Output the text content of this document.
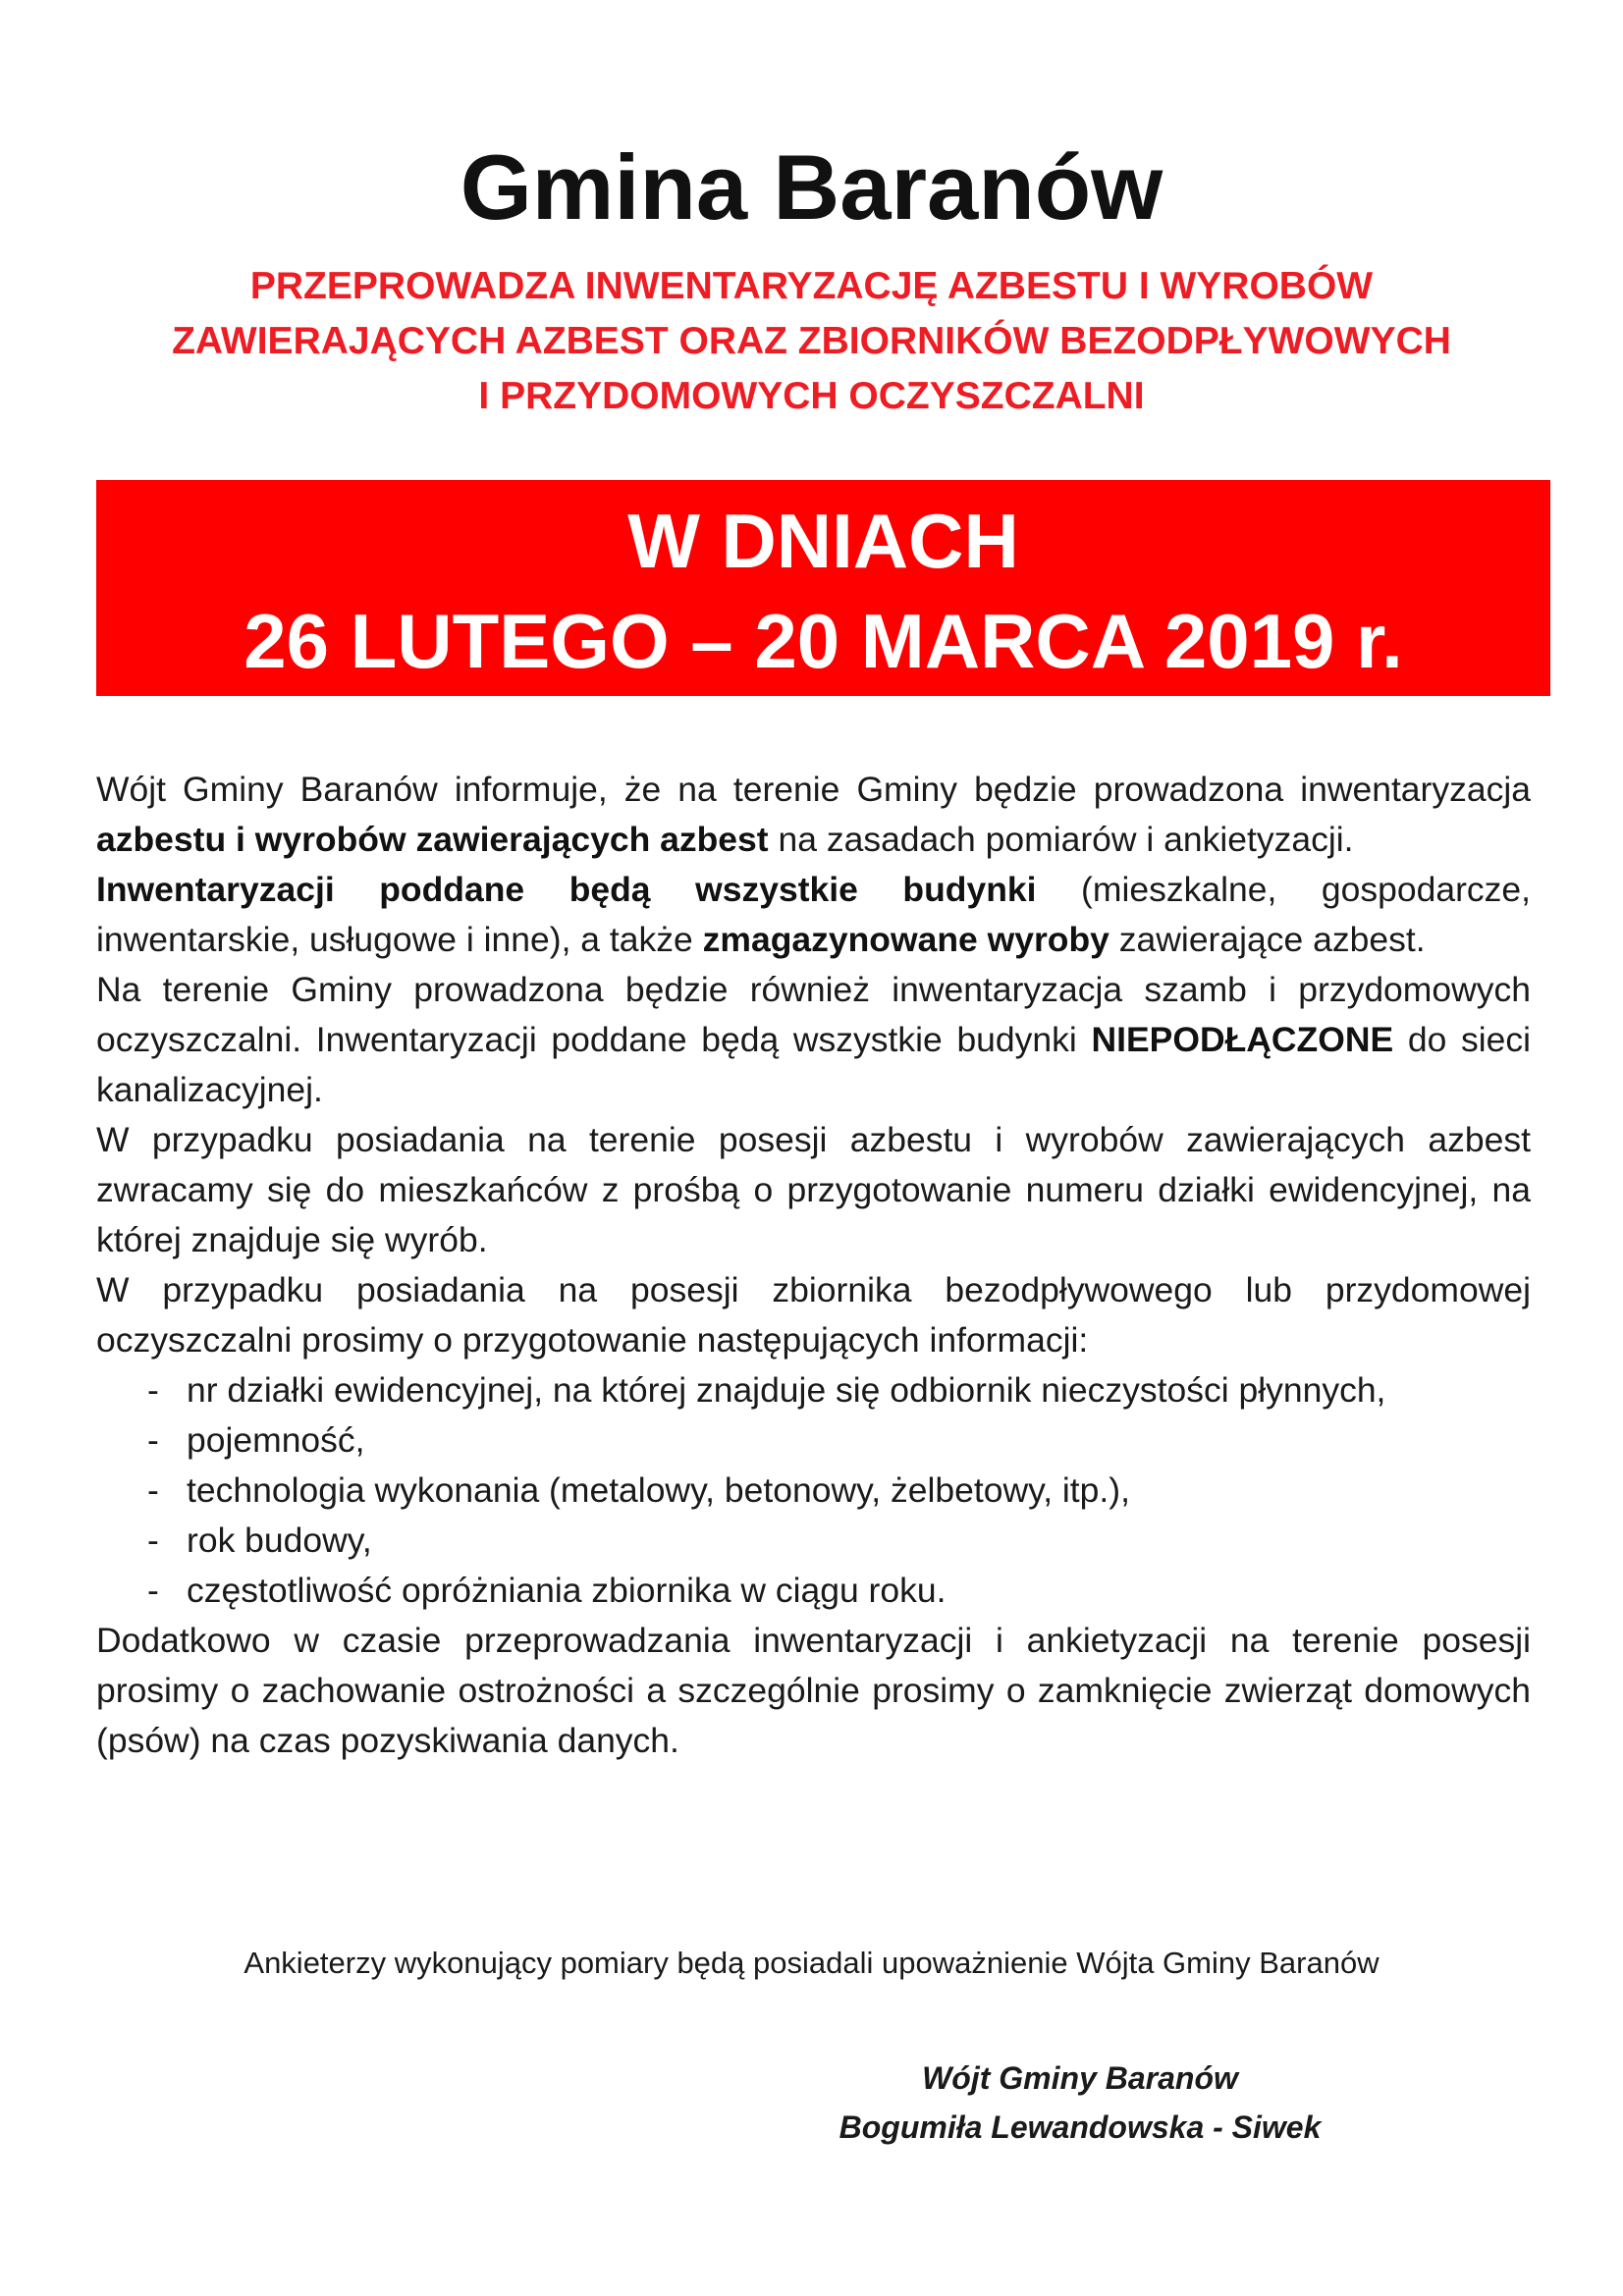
Gmina Baranów
PRZEPROWADZA INWENTARYZACJĘ AZBESTU I WYROBÓW
ZAWIERAJĄCYCH AZBEST ORAZ ZBIORNIKÓW BEZODPŁYWOWYCH
I PRZYDOMOWYCH OCZYSZCZALNI
W DNIACH
26 LUTEGO – 20 MARCA 2019 r.

Wójt Gminy Baranów informuje, że na terenie Gminy będzie prowadzona inwentaryzacja azbestu i wyrobów zawierających azbest na zasadach pomiarów i ankietyzacji.

Inwentaryzacji poddane będą wszystkie budynki (mieszkalne, gospodarcze, inwentarskie, usługowe i inne), a także zmagazynowane wyroby zawierające azbest.

Na terenie Gminy prowadzona będzie również inwentaryzacja szamb i przydomowych oczyszczalni. Inwentaryzacji poddane będą wszystkie budynki NIEPODŁĄCZONE do sieci kanalizacyjnej.

W przypadku posiadania na terenie posesji azbestu i wyrobów zawierających azbest zwracamy się do mieszkańców z prośbą o przygotowanie numeru działki ewidencyjnej, na której znajduje się wyrób.

W przypadku posiadania na posesji zbiornika bezodpływowego lub przydomowej oczyszczalni prosimy o przygotowanie następujących informacji:

- nr działki ewidencyjnej, na której znajduje się odbiornik nieczystości płynnych,
- pojemność,
- technologia wykonania (metalowy, betonowy, żelbetowy, itp.),
- rok budowy,
- częstotliwość opróżniania zbiornika w ciągu roku.

Dodatkowo w czasie przeprowadzania inwentaryzacji i ankietyzacji na terenie posesji prosimy o zachowanie ostrożności a szczególnie prosimy o zamknięcie zwierząt domowych (psów) na czas pozyskiwania danych.

Ankieterzy wykonujący pomiary będą posiadali upoważnienie Wójta Gminy Baranów
Wójt Gminy Baranów
Bogumiła Lewandowska - Siwek
